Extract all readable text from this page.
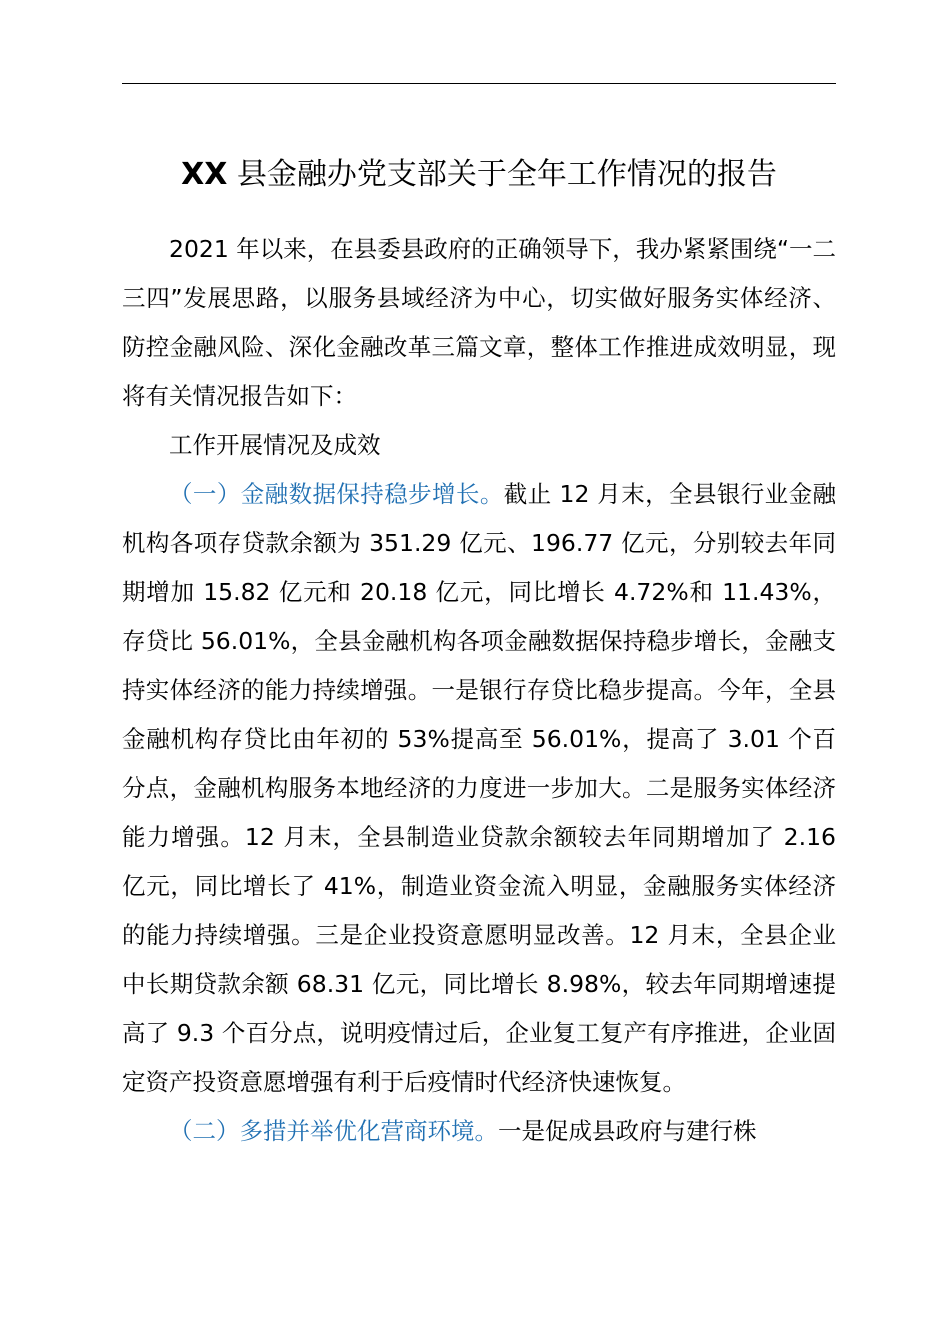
XX 县金融办党支部关于全年工作情况的报告

2021 年以来，在县委县政府的正确领导下，我办紧紧围绕“一二三四”发展思路，以服务县域经济为中心，切实做好服务实体经济、防控金融风险、深化金融改革三篇文章，整体工作推进成效明显，现将有关情况报告如下：

工作开展情况及成效

（一）金融数据保持稳步增长。截止 12 月末，全县银行业金融机构各项存贷款余额为 351.29 亿元、196.77 亿元，分别较去年同期增加 15.82 亿元和 20.18 亿元，同比增长 4.72%和 11.43%，存贷比 56.01%，全县金融机构各项金融数据保持稳步增长，金融支持实体经济的能力持续增强。一是银行存贷比稳步提高。今年，全县金融机构存贷比由年初的 53%提高至 56.01%，提高了 3.01 个百分点，金融机构服务本地经济的力度进一步加大。二是服务实体经济能力增强。12 月末，全县制造业贷款余额较去年同期增加了 2.16 亿元，同比增长了 41%，制造业资金流入明显，金融服务实体经济的能力持续增强。三是企业投资意愿明显改善。12 月末，全县企业中长期贷款余额 68.31 亿元，同比增长 8.98%，较去年同期增速提高了 9.3 个百分点，说明疫情过后，企业复工复产有序推进，企业固定资产投资意愿增强有利于后疫情时代经济快速恢复。

（二）多措并举优化营商环境。一是促成县政府与建行株
